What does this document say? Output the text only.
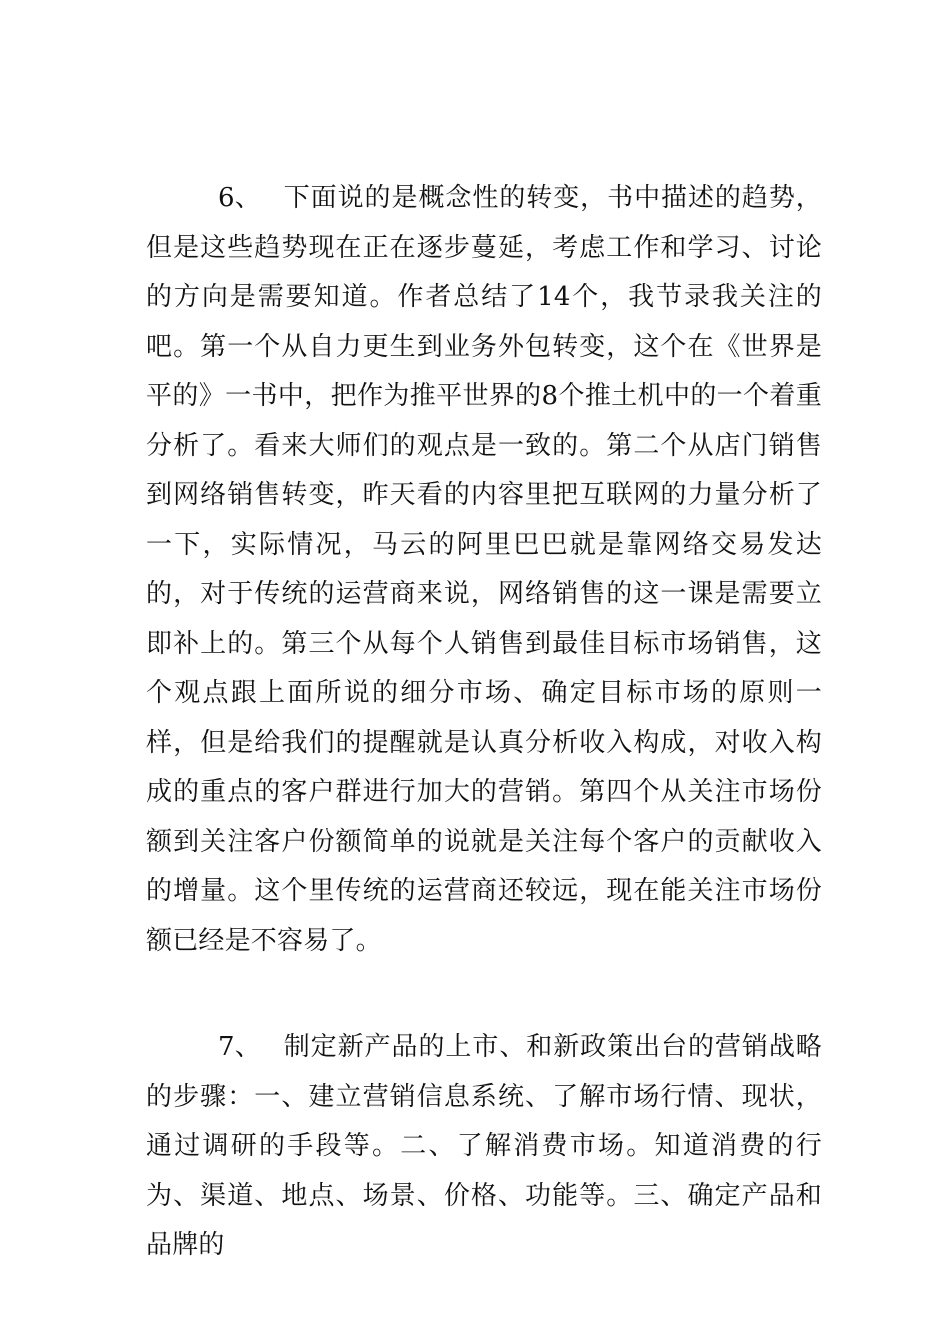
6、 下面说的是概念性的转变，书中描述的趋势，但是这些趋势现在正在逐步蔓延，考虑工作和学习、讨论的方向是需要知道。作者总结了14个，我节录我关注的吧。第一个从自力更生到业务外包转变，这个在《世界是平的》一书中，把作为推平世界的8个推土机中的一个着重分析了。看来大师们的观点是一致的。第二个从店门销售到网络销售转变，昨天看的内容里把互联网的力量分析了一下，实际情况，马云的阿里巴巴就是靠网络交易发达的，对于传统的运营商来说，网络销售的这一课是需要立即补上的。第三个从每个人销售到最佳目标市场销售，这个观点跟上面所说的细分市场、确定目标市场的原则一样，但是给我们的提醒就是认真分析收入构成，对收入构成的重点的客户群进行加大的营销。第四个从关注市场份额到关注客户份额简单的说就是关注每个客户的贡献收入的增量。这个里传统的运营商还较远，现在能关注市场份额已经是不容易了。

7、 制定新产品的上市、和新政策出台的营销战略的步骤：一、建立营销信息系统、了解市场行情、现状，通过调研的手段等。二、了解消费市场。知道消费的行为、渠道、地点、场景、价格、功能等。三、确定产品和品牌的
